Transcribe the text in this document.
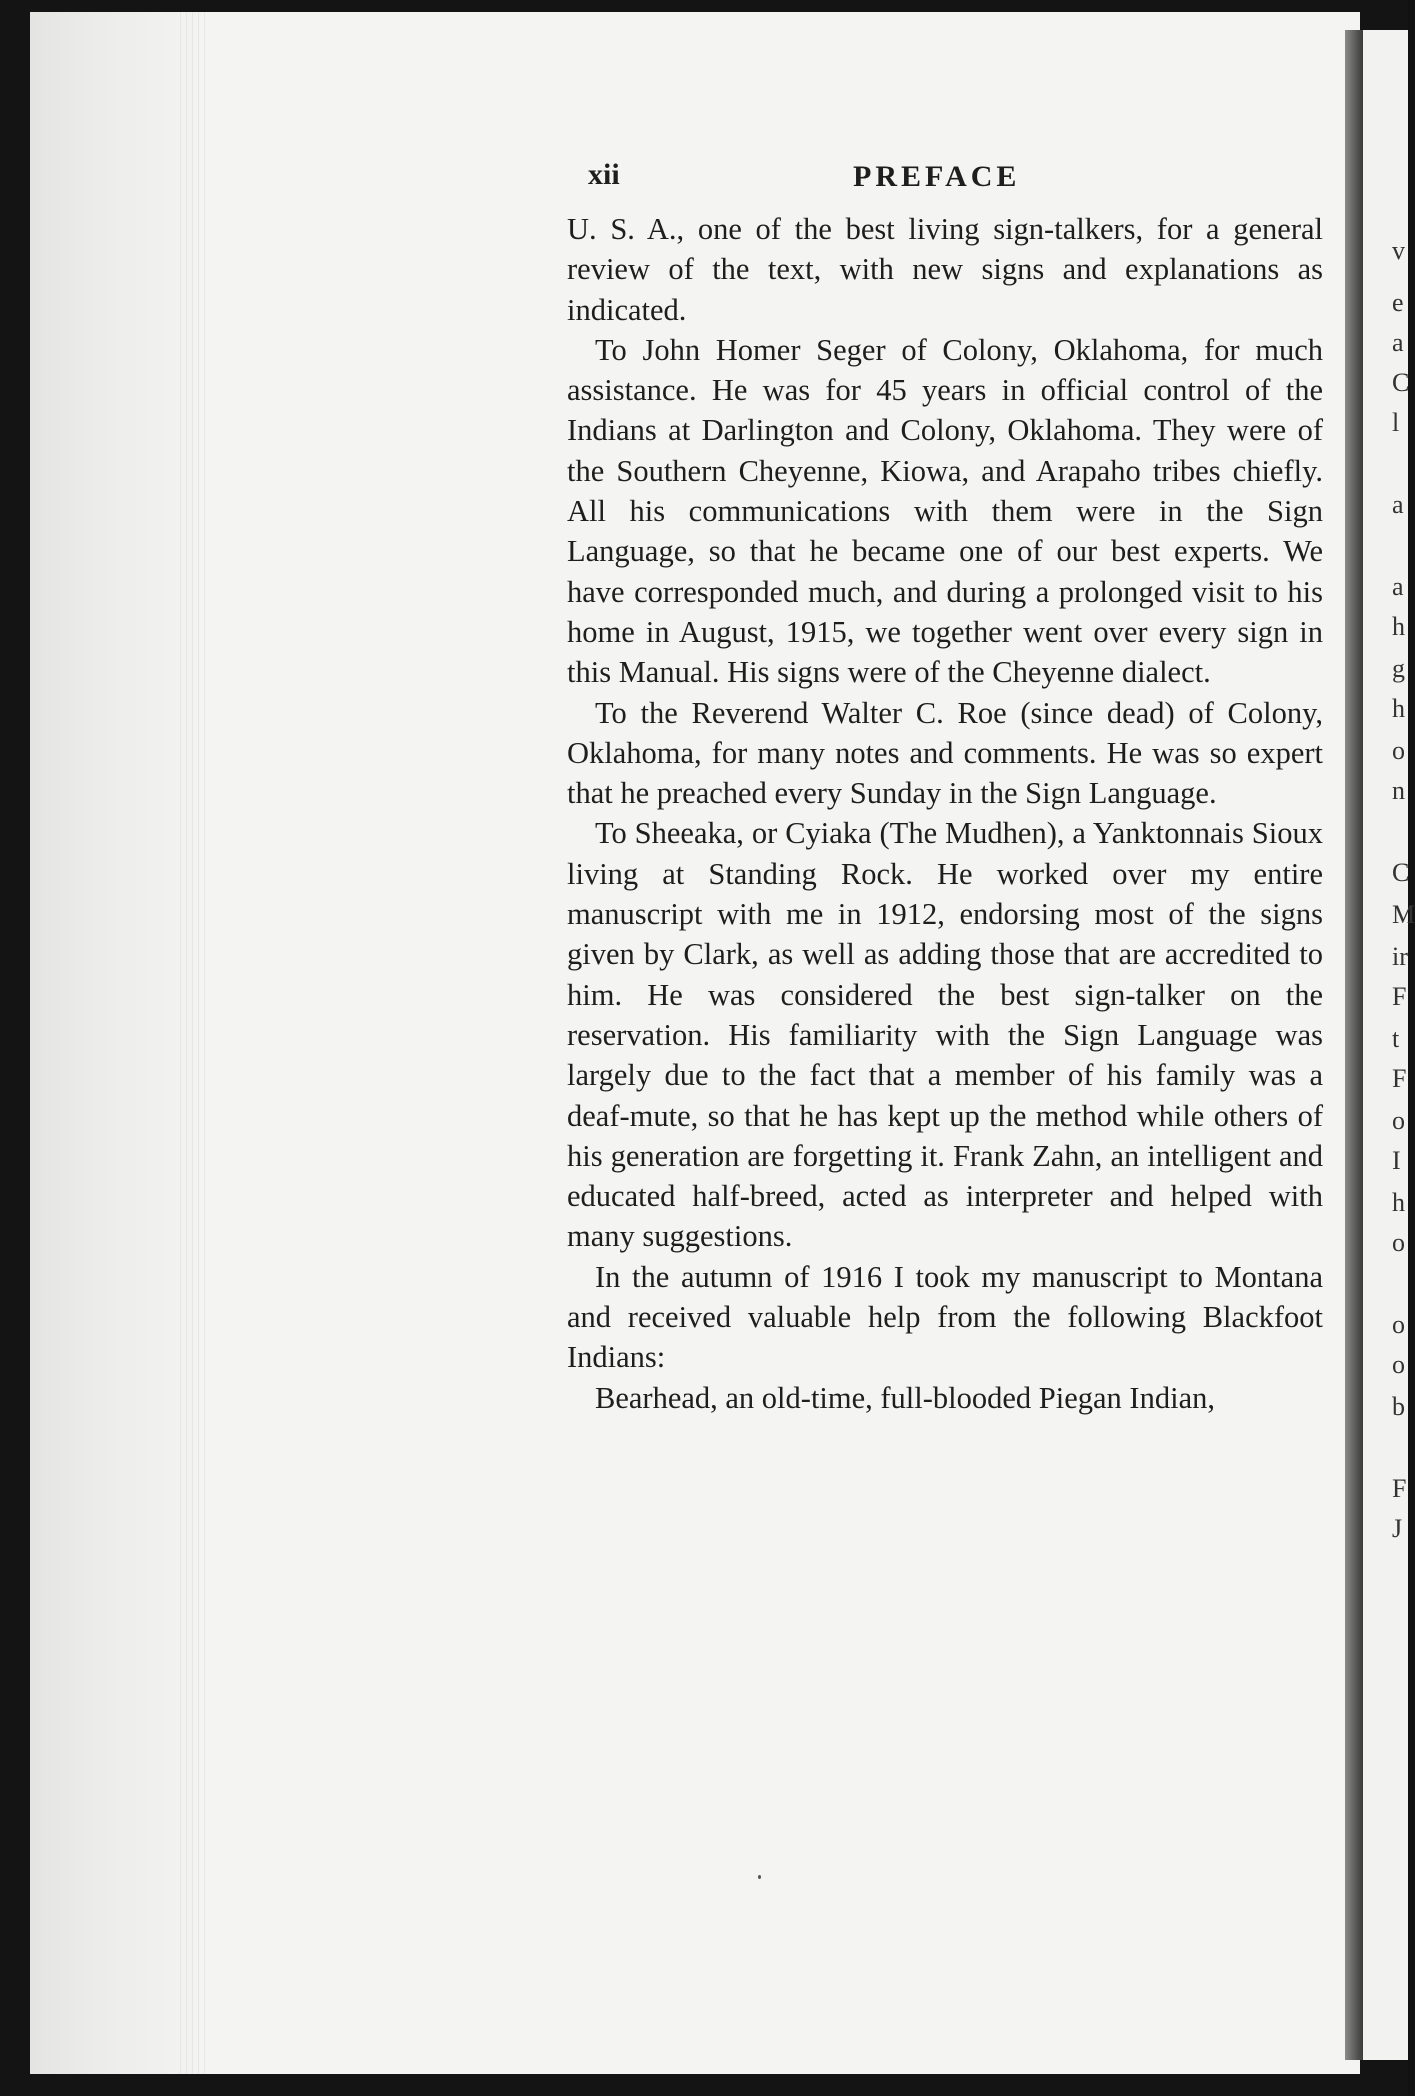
v
e
a
C
l
a
a
h
g
h
o
n
C
M
ir
F
t
F
o
I
h
o
o
o
b
F
J
xii	PREFACE

U. S. A., one of the best living sign-talkers, for a general review of the text, with new signs and explanations as indicated.

To John Homer Seger of Colony, Oklahoma, for much assistance. He was for 45 years in official control of the Indians at Darlington and Colony, Oklahoma. They were of the Southern Cheyenne, Kiowa, and Arapaho tribes chiefly. All his communications with them were in the Sign Language, so that he became one of our best experts. We have corresponded much, and during a prolonged visit to his home in August, 1915, we together went over every sign in this Manual. His signs were of the Cheyenne dialect.

To the Reverend Walter C. Roe (since dead) of Colony, Oklahoma, for many notes and comments. He was so expert that he preached every Sunday in the Sign Language.

To Sheeaka, or Cyiaka (The Mudhen), a Yanktonnais Sioux living at Standing Rock. He worked over my entire manuscript with me in 1912, endorsing most of the signs given by Clark, as well as adding those that are accredited to him. He was considered the best sign-talker on the reservation. His familiarity with the Sign Language was largely due to the fact that a member of his family was a deaf-mute, so that he has kept up the method while others of his generation are forgetting it. Frank Zahn, an intelligent and educated half-breed, acted as interpreter and helped with many suggestions.

In the autumn of 1916 I took my manuscript to Montana and received valuable help from the following Blackfoot Indians:

Bearhead, an old-time, full-blooded Piegan Indian,
